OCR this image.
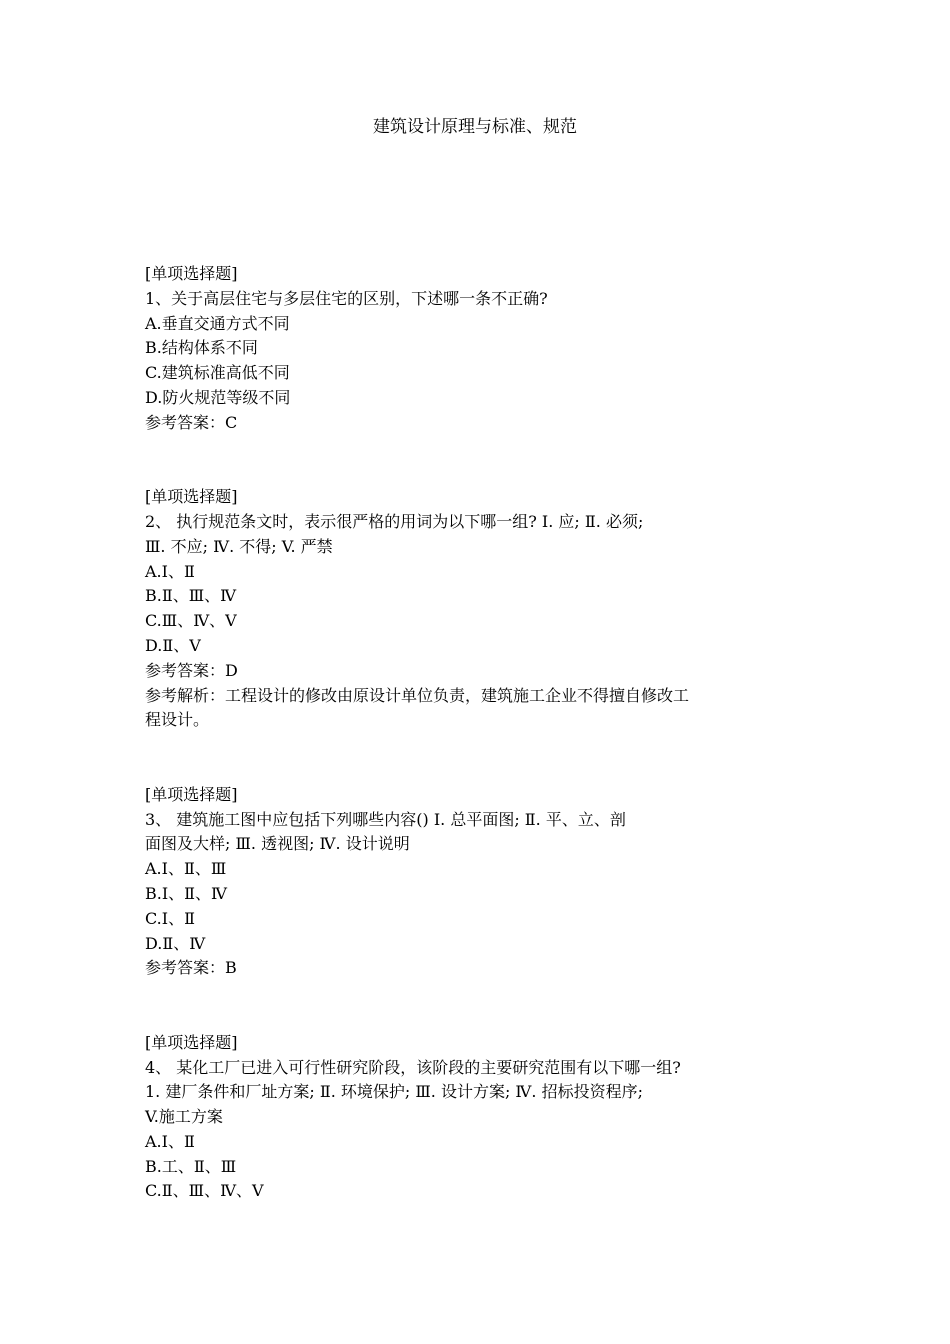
建筑设计原理与标准、规范
[单项选择题]
1、关于高层住宅与多层住宅的区别，下述哪一条不正确?
A.垂直交通方式不同
B.结构体系不同
C.建筑标准高低不同
D.防火规范等级不同
参考答案：C
[单项选择题]
2、 执行规范条文时，表示很严格的用词为以下哪一组? Ⅰ. 应; Ⅱ. 必须;
Ⅲ. 不应; Ⅳ. 不得; V. 严禁
A.Ⅰ、Ⅱ
B.Ⅱ、Ⅲ、Ⅳ
C.Ⅲ、Ⅳ、V
D.Ⅱ、V
参考答案：D
参考解析：工程设计的修改由原设计单位负责，建筑施工企业不得擅自修改工
程设计。
[单项选择题]
3、 建筑施工图中应包括下列哪些内容() Ⅰ. 总平面图; Ⅱ. 平、立、剖
面图及大样; Ⅲ. 透视图; Ⅳ. 设计说明
A.Ⅰ、Ⅱ、Ⅲ
B.Ⅰ、Ⅱ、Ⅳ
C.Ⅰ、Ⅱ
D.Ⅱ、Ⅳ
参考答案：B
[单项选择题]
4、 某化工厂已进入可行性研究阶段，该阶段的主要研究范围有以下哪一组?
1. 建厂条件和厂址方案; Ⅱ. 环境保护; Ⅲ. 设计方案; Ⅳ. 招标投资程序;
V.施工方案
A.Ⅰ、Ⅱ
B.工、Ⅱ、Ⅲ
C.Ⅱ、Ⅲ、Ⅳ、V
